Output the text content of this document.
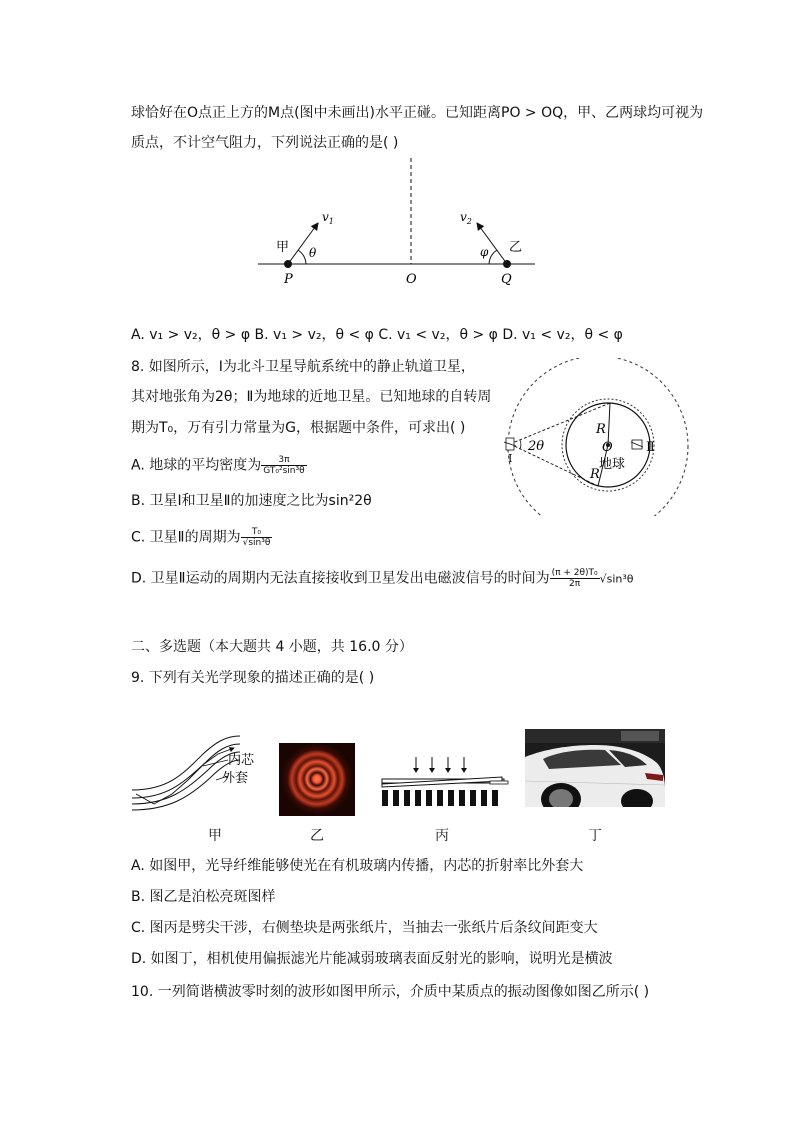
球恰好在O点正上方的M点(图中未画出)水平正碰。已知距离PO > OQ，甲、乙两球均可视为
质点，不计空气阻力，下列说法正确的是( )
甲	乙
$v_1$	$v_2$
θ	φ
P	O	Q
A. v₁ > v₂，θ > φ B. v₁ > v₂，θ < φ C. v₁ < v₂，θ > φ D. v₁ < v₂，θ < φ
8. 如图所示，Ⅰ为北斗卫星导航系统中的静止轨道卫星，
其对地张角为2θ；Ⅱ为地球的近地卫星。已知地球的自转周
期为T₀，万有引力常量为G，根据题中条件，可求出( )
A. 地球的平均密度为 $\frac{3\pi}{\text{GT₀²sin³θ}}$
B. 卫星Ⅰ和卫星Ⅱ的加速度之比为sin²2θ
C. 卫星Ⅱ的周期为 $\frac{\text{T₀}}{\text{√sin³θ}}$
D. 卫星Ⅱ运动的周期内无法直接接收到卫星发出电磁波信号的时间为 $\frac{\text{(π + 2θ)T₀}}{2\pi} √\sin^3\theta$
2θ
Ⅰ
Ⅱ
R
R
O
地球
二、多选题（本大题共 4 小题，共 16.0 分）
9. 下列有关光学现象的描述正确的是( )
内芯
外套
甲	乙	丙	丁
A. 如图甲，光导纤维能够使光在有机玻璃内传播，内芯的折射率比外套大
B. 图乙是泊松亮斑图样
C. 图丙是劈尖干涉，右侧垫块是两张纸片，当抽去一张纸片后条纹间距变大
D. 如图丁，相机使用偏振滤光片能减弱玻璃表面反射光的影响，说明光是横波
10. 一列简谐横波零时刻的波形如图甲所示，介质中某质点的振动图像如图乙所示( )
